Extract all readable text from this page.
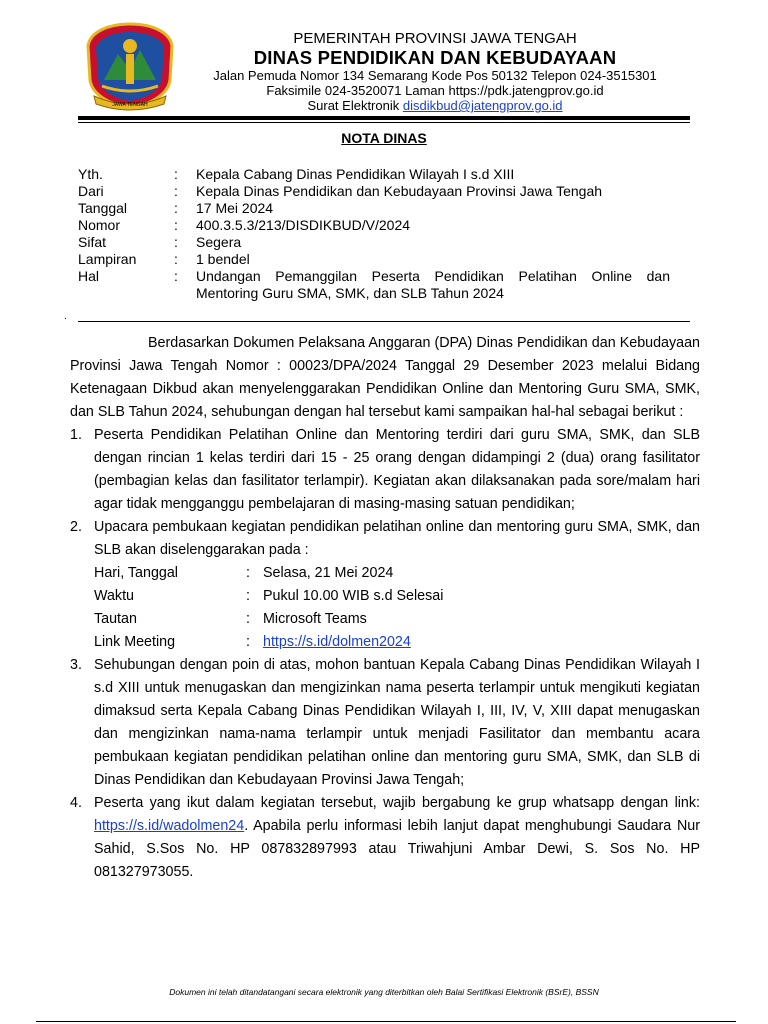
JAWA TENGAH
PEMERINTAH PROVINSI JAWA TENGAH
DINAS PENDIDIKAN DAN KEBUDAYAAN
Jalan Pemuda Nomor 134 Semarang Kode Pos 50132 Telepon 024-3515301
Faksimile 024-3520071 Laman https://pdk.jatengprov.go.id
Surat Elektronik disdikbud@jatengprov.go.id
NOTA DINAS
Yth.	:	Kepala Cabang Dinas Pendidikan Wilayah I s.d XIII
Dari	:	Kepala Dinas Pendidikan dan Kebudayaan Provinsi Jawa Tengah
Tanggal	:	17 Mei 2024
Nomor	:	400.3.5.3/213/DISDIKBUD/V/2024
Sifat	:	Segera
Lampiran	:	1 bendel
Hal	:	Undangan Pemanggilan Peserta Pendidikan Pelatihan Online dan Mentoring Guru SMA, SMK, dan SLB Tahun 2024
.
Berdasarkan Dokumen Pelaksana Anggaran (DPA) Dinas Pendidikan dan Kebudayaan Provinsi Jawa Tengah Nomor : 00023/DPA/2024 Tanggal 29 Desember 2023 melalui Bidang Ketenagaan Dikbud akan menyelenggarakan Pendidikan Online dan Mentoring Guru SMA, SMK, dan SLB Tahun 2024, sehubungan dengan hal tersebut kami sampaikan hal-hal sebagai berikut :
1. Peserta Pendidikan Pelatihan Online dan Mentoring terdiri dari guru SMA, SMK, dan SLB dengan rincian 1 kelas terdiri dari 15 - 25 orang dengan didampingi 2 (dua) orang fasilitator (pembagian kelas dan fasilitator terlampir). Kegiatan akan dilaksanakan pada sore/malam hari agar tidak mengganggu pembelajaran di masing-masing satuan pendidikan;
2. Upacara pembukaan kegiatan pendidikan pelatihan online dan mentoring guru SMA, SMK, dan SLB akan diselenggarakan pada :
Hari, Tanggal	: Selasa, 21 Mei 2024
Waktu	: Pukul 10.00 WIB s.d Selesai
Tautan	: Microsoft Teams
Link Meeting	: https://s.id/dolmen2024
3. Sehubungan dengan poin di atas, mohon bantuan Kepala Cabang Dinas Pendidikan Wilayah I s.d XIII untuk menugaskan dan mengizinkan nama peserta terlampir untuk mengikuti kegiatan dimaksud serta Kepala Cabang Dinas Pendidikan Wilayah I, III, IV, V, XIII dapat menugaskan dan mengizinkan nama-nama terlampir untuk menjadi Fasilitator dan membantu acara pembukaan kegiatan pendidikan pelatihan online dan mentoring guru SMA, SMK, dan SLB di Dinas Pendidikan dan Kebudayaan Provinsi Jawa Tengah;
4. Peserta yang ikut dalam kegiatan tersebut, wajib bergabung ke grup whatsapp dengan link: https://s.id/wadolmen24. Apabila perlu informasi lebih lanjut dapat menghubungi Saudara Nur Sahid, S.Sos No. HP 087832897993 atau Triwahjuni Ambar Dewi, S. Sos No. HP 081327973055.
Dokumen ini telah ditandatangani secara elektronik yang diterbitkan oleh Balai Sertifikasi Elektronik (BSrE), BSSN
